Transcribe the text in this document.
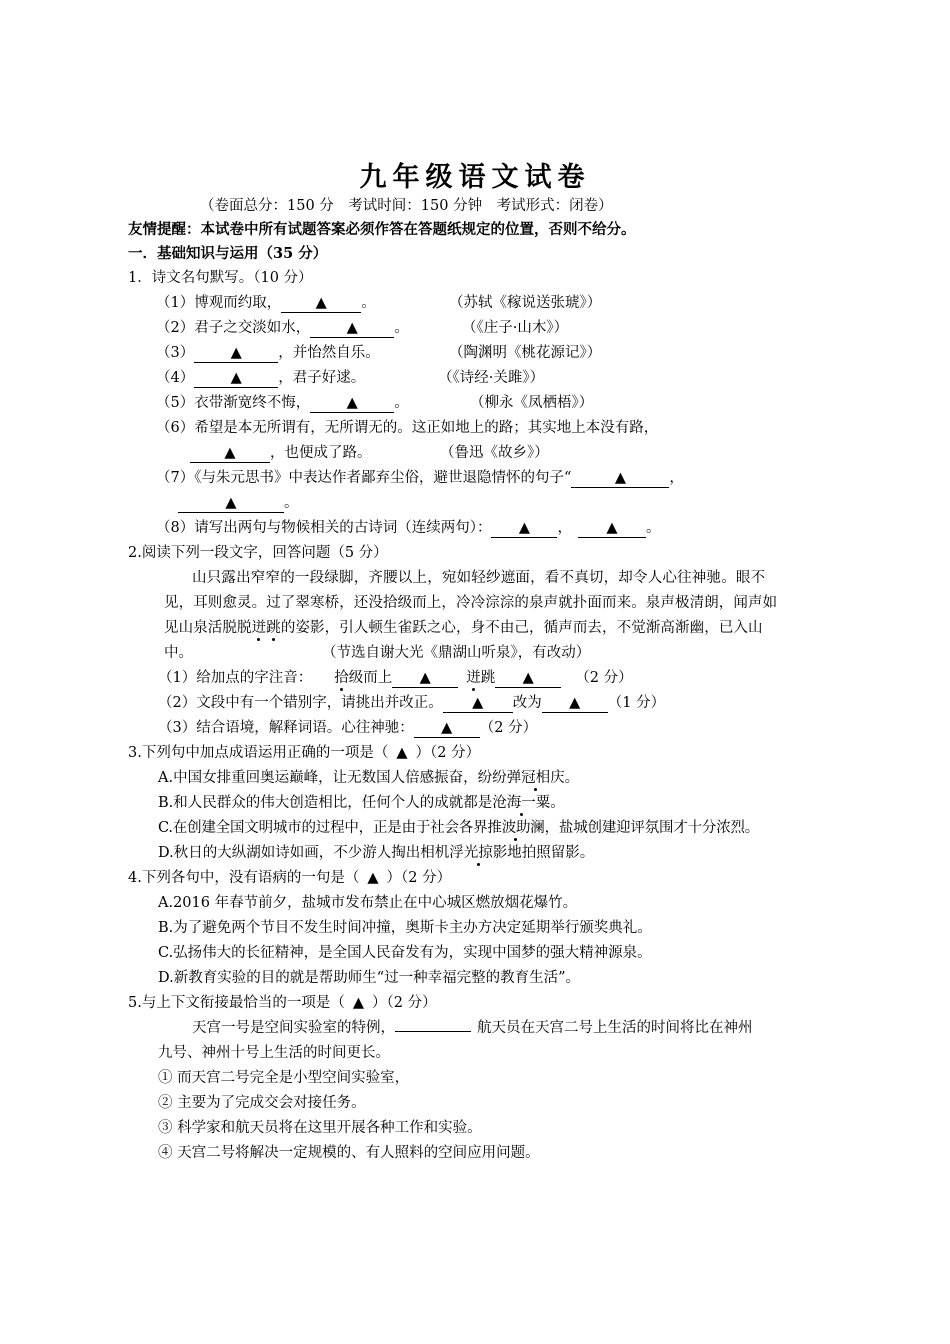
九年级语文试卷
（卷面总分：150 分　考试时间：150 分钟　考试形式：闭卷）
友情提醒：本试卷中所有试题答案必须作答在答题纸规定的位置，否则不给分。
一．基础知识与运用（35 分）
1．诗文名句默写。（10 分）
（1）博观而约取， ▲ 。	（苏轼《稼说送张琥》）
（2）君子之交淡如水，	▲	。	（《庄子·山木》）
（3）	▲	，并怡然自乐。	（陶渊明《桃花源记》）
（4）	▲	，君子好逑。	（《诗经·关雎》）
（5）衣带渐宽终不悔，	▲	。	（柳永《凤栖梧》）
（6）希望是本无所谓有，无所谓无的。这正如地上的路；其实地上本没有路，
▲ ，也便成了路。	（鲁迅《故乡》）
（7）《与朱元思书》中表达作者鄙弃尘俗，避世退隐情怀的句子“	▲	，
▲	。
（8）请写出两句与物候相关的古诗词（连续两句）： ▲ ， ▲ 。
2.阅读下列一段文字，回答问题（5 分）
山只露出窄窄的一段绿脚，齐腰以上，宛如轻纱遮面，看不真切，却令人心往神驰。眼不
见，耳则愈灵。过了翠寒桥，还没拾级而上，冷冷淙淙的泉声就扑面而来。泉声极清朗，闻声如
见山泉活脱脱迸跳的姿影，引人顿生雀跃之心，身不由己，循声而去，不觉渐高渐幽，已入山
中。	（节选自谢大光《鼎湖山听泉》，有改动）
（1）给加点的字注音： 拾级而上 ▲ 迸跳 ▲	（2 分）
（2）文段中有一个错别字，请挑出并改正。 ▲ 改为 ▲ （1 分）
（3）结合语境，解释词语。心往神驰： ▲ （2 分）
3.下列句中加点成语运用正确的一项是（ ▲ ）（2 分）
A.中国女排重回奥运巅峰，让无数国人倍感振奋，纷纷弹冠相庆。
B.和人民群众的伟大创造相比，任何个人的成就都是沧海一粟。
C.在创建全国文明城市的过程中，正是由于社会各界推波助澜，盐城创建迎评氛围才十分浓烈。
D.秋日的大纵湖如诗如画，不少游人掏出相机浮光掠影地拍照留影。
4.下列各句中，没有语病的一句是（ ▲ ）（2 分）
A.2016 年春节前夕，盐城市发布禁止在中心城区燃放烟花爆竹。
B.为了避免两个节目不发生时间冲撞，奥斯卡主办方决定延期举行颁奖典礼。
C.弘扬伟大的长征精神，是全国人民奋发有为，实现中国梦的强大精神源泉。
D.新教育实验的目的就是帮助师生“过一种幸福完整的教育生活”。
5.与上下文衔接最恰当的一项是（ ▲ ）（2 分）
天宫一号是空间实验室的特例，	航天员在天宫二号上生活的时间将比在神州
九号、神州十号上生活的时间更长。
① 而天宫二号完全是小型空间实验室，
② 主要为了完成交会对接任务。
③ 科学家和航天员将在这里开展各种工作和实验。
④ 天宫二号将解决一定规模的、有人照料的空间应用问题。
